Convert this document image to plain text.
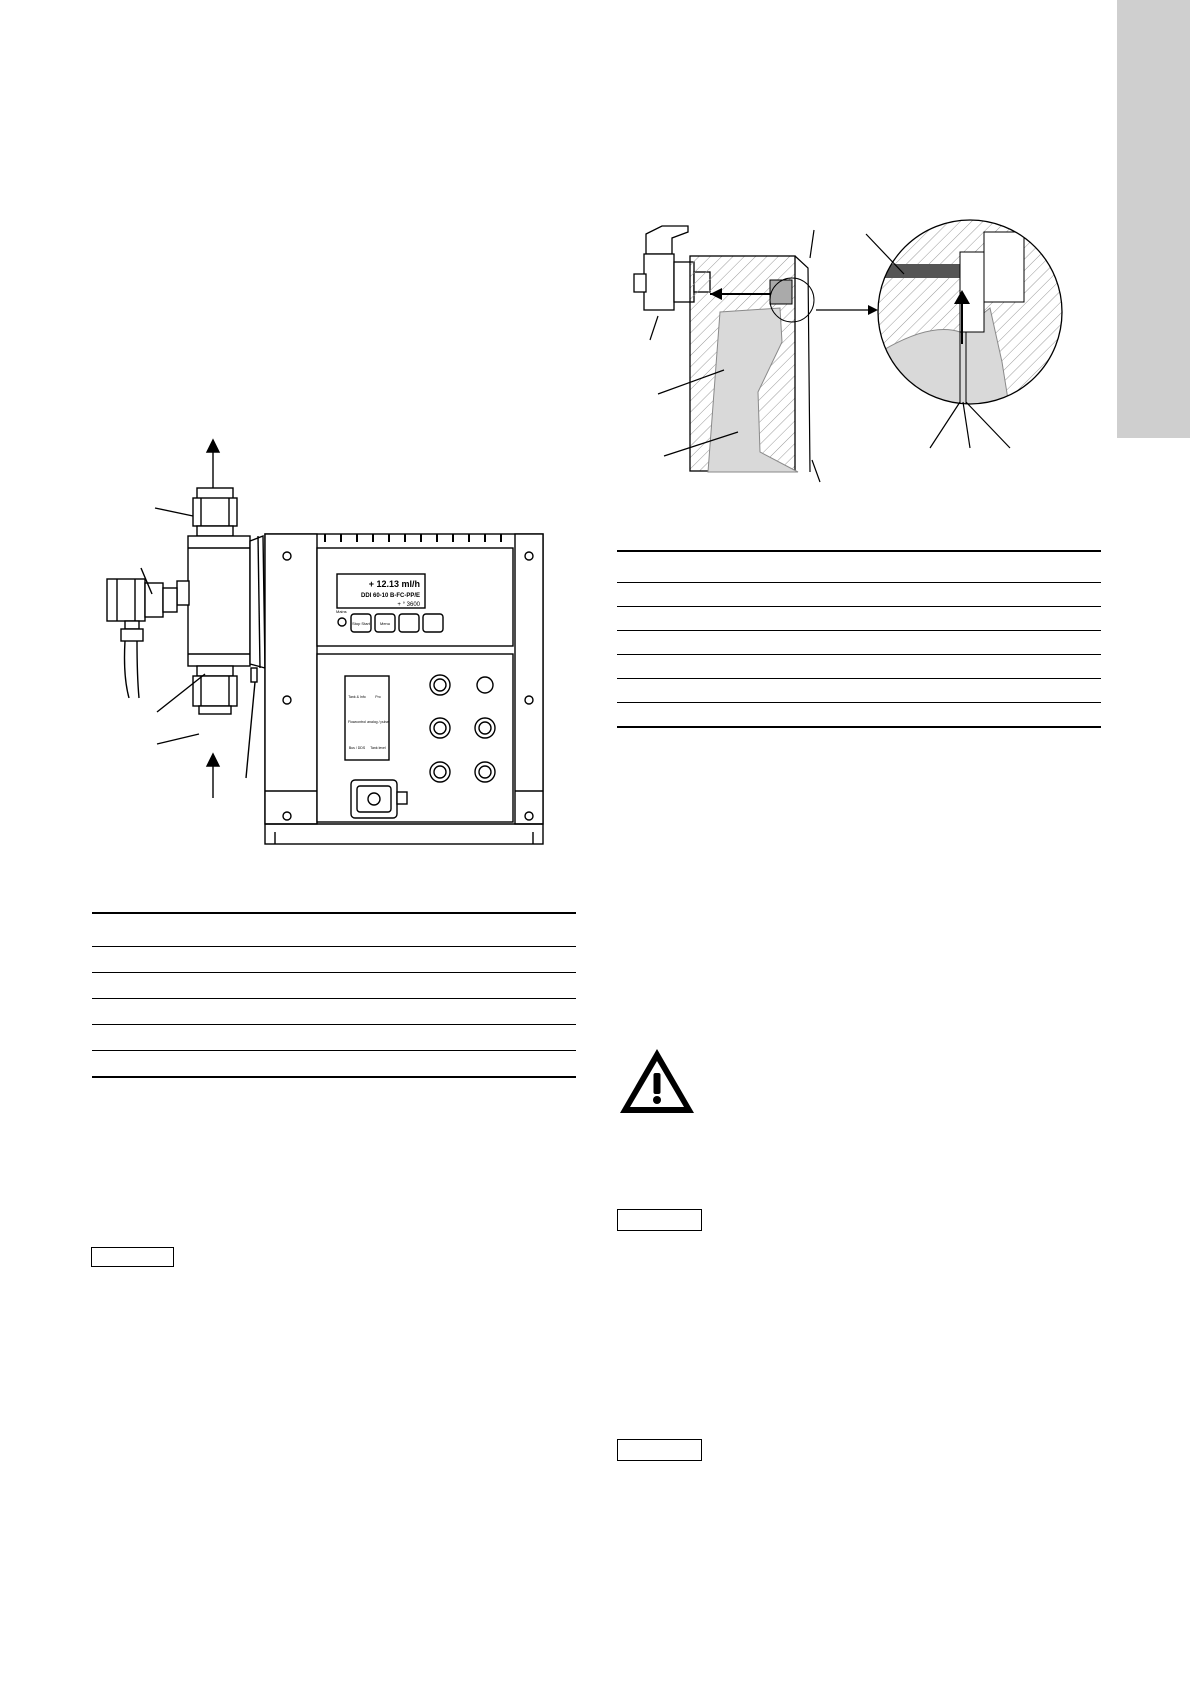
+ 12.13 ml/h
DDI 60-10 B-FC-PP/E
+ ° 3600
Mains
Stop Start	Menu
Tank & Info	Pro
Flowcontrol analog / pulse
Bus / DDS Tank level
